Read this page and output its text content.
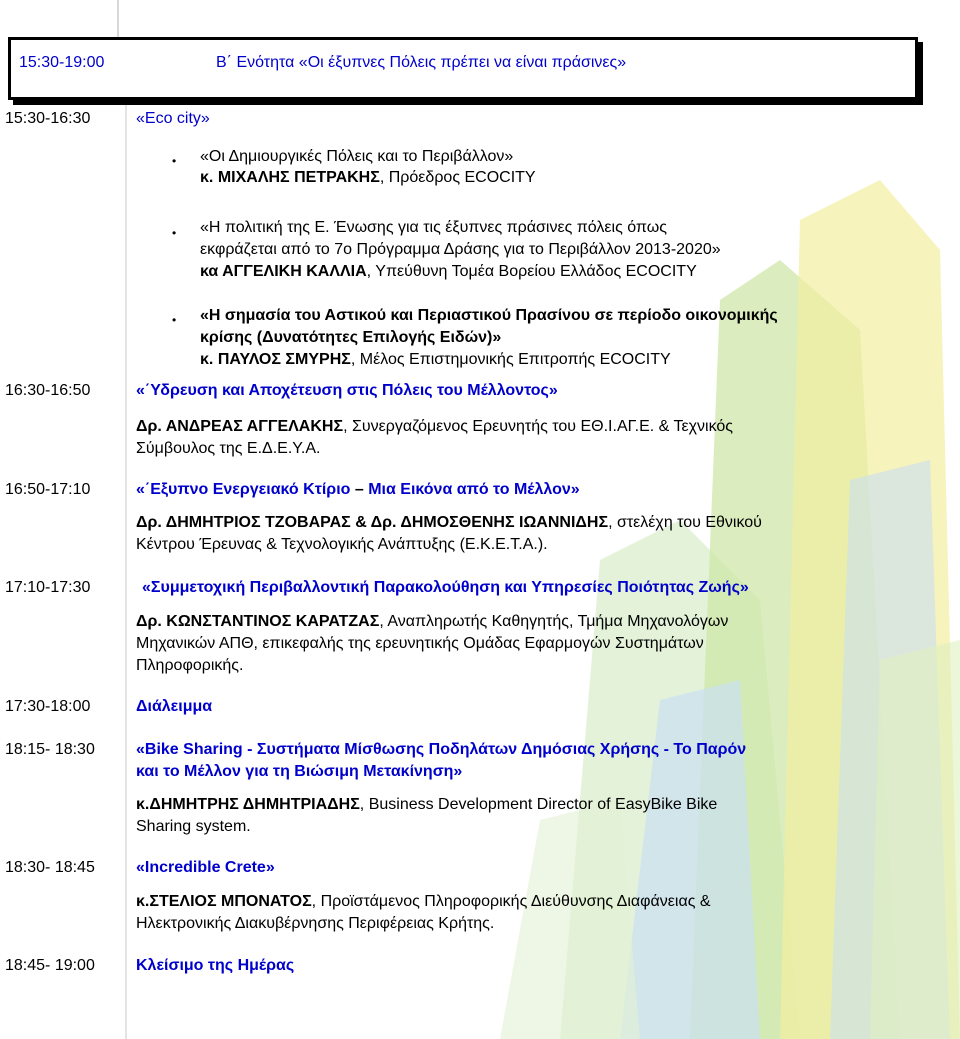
15:30-19:00	Β΄ Ενότητα «Οι έξυπνες Πόλεις πρέπει να είναι πράσινες»
15:30-16:30	«Eco city»
• «Οι Δημιουργικές Πόλεις και το Περιβάλλον»
κ. ΜΙΧΑΛΗΣ ΠΕΤΡΑΚΗΣ, Πρόεδρος ECOCITY
• «Η πολιτική της Ε. Ένωσης για τις έξυπνες πράσινες πόλεις όπως
εκφράζεται από το 7ο Πρόγραμμα Δράσης για το Περιβάλλον 2013-2020»
κα ΑΓΓΕΛΙΚΗ ΚΑΛΛΙΑ, Υπεύθυνη Τομέα Βορείου Ελλάδος ECOCITY
• «Η σημασία του Αστικού και Περιαστικού Πρασίνου σε περίοδο οικονομικής
κρίσης (Δυνατότητες Επιλογής Ειδών)»
κ. ΠΑΥΛΟΣ ΣΜΥΡΗΣ, Μέλος Επιστημονικής Επιτροπής ECOCITY
16:30-16:50	«΄Υδρευση και Αποχέτευση στις Πόλεις του Μέλλοντος»
Δρ. ΑΝΔΡΕΑΣ ΑΓΓΕΛΑΚΗΣ, Συνεργαζόμενος Ερευνητής του ΕΘ.Ι.ΑΓ.Ε. & Τεχνικός
Σύμβουλος της Ε.Δ.Ε.Υ.Α.
16:50-17:10	«΄Εξυπνο Ενεργειακό Κτίριο – Μια Εικόνα από το Μέλλον»
Δρ. ΔΗΜΗΤΡΙΟΣ ΤΖΟΒΑΡΑΣ & Δρ. ΔΗΜΟΣΘΕΝΗΣ ΙΩΑΝΝΙΔΗΣ, στελέχη του Εθνικού
Κέντρου Έρευνας & Τεχνολογικής Ανάπτυξης (Ε.Κ.Ε.Τ.Α.).
17:10-17:30	«Συμμετοχική Περιβαλλοντική Παρακολούθηση και Υπηρεσίες Ποιότητας Ζωής»
Δρ. ΚΩΝΣΤΑΝΤΙΝΟΣ ΚΑΡΑΤΖΑΣ, Αναπληρωτής Καθηγητής, Τμήμα Μηχανολόγων
Μηχανικών ΑΠΘ, επικεφαλής της ερευνητικής Ομάδας Εφαρμογών Συστημάτων
Πληροφορικής.
17:30-18:00	Διάλειμμα
18:15- 18:30	«Bike Sharing - Συστήματα Μίσθωσης Ποδηλάτων Δημόσιας Χρήσης - Το Παρόν
και το Μέλλον για τη Βιώσιμη Μετακίνηση»
κ.ΔΗΜΗΤΡΗΣ ΔΗΜΗΤΡΙΑΔΗΣ, Business Development Director of EasyBike Bike
Sharing system.
18:30- 18:45	«Incredible Crete»
κ.ΣΤΕΛΙΟΣ ΜΠΟΝΑΤΟΣ, Προϊστάμενος Πληροφορικής Διεύθυνσης Διαφάνειας &
Ηλεκτρονικής Διακυβέρνησης Περιφέρειας Κρήτης.
18:45- 19:00	Κλείσιμο της Ημέρας
